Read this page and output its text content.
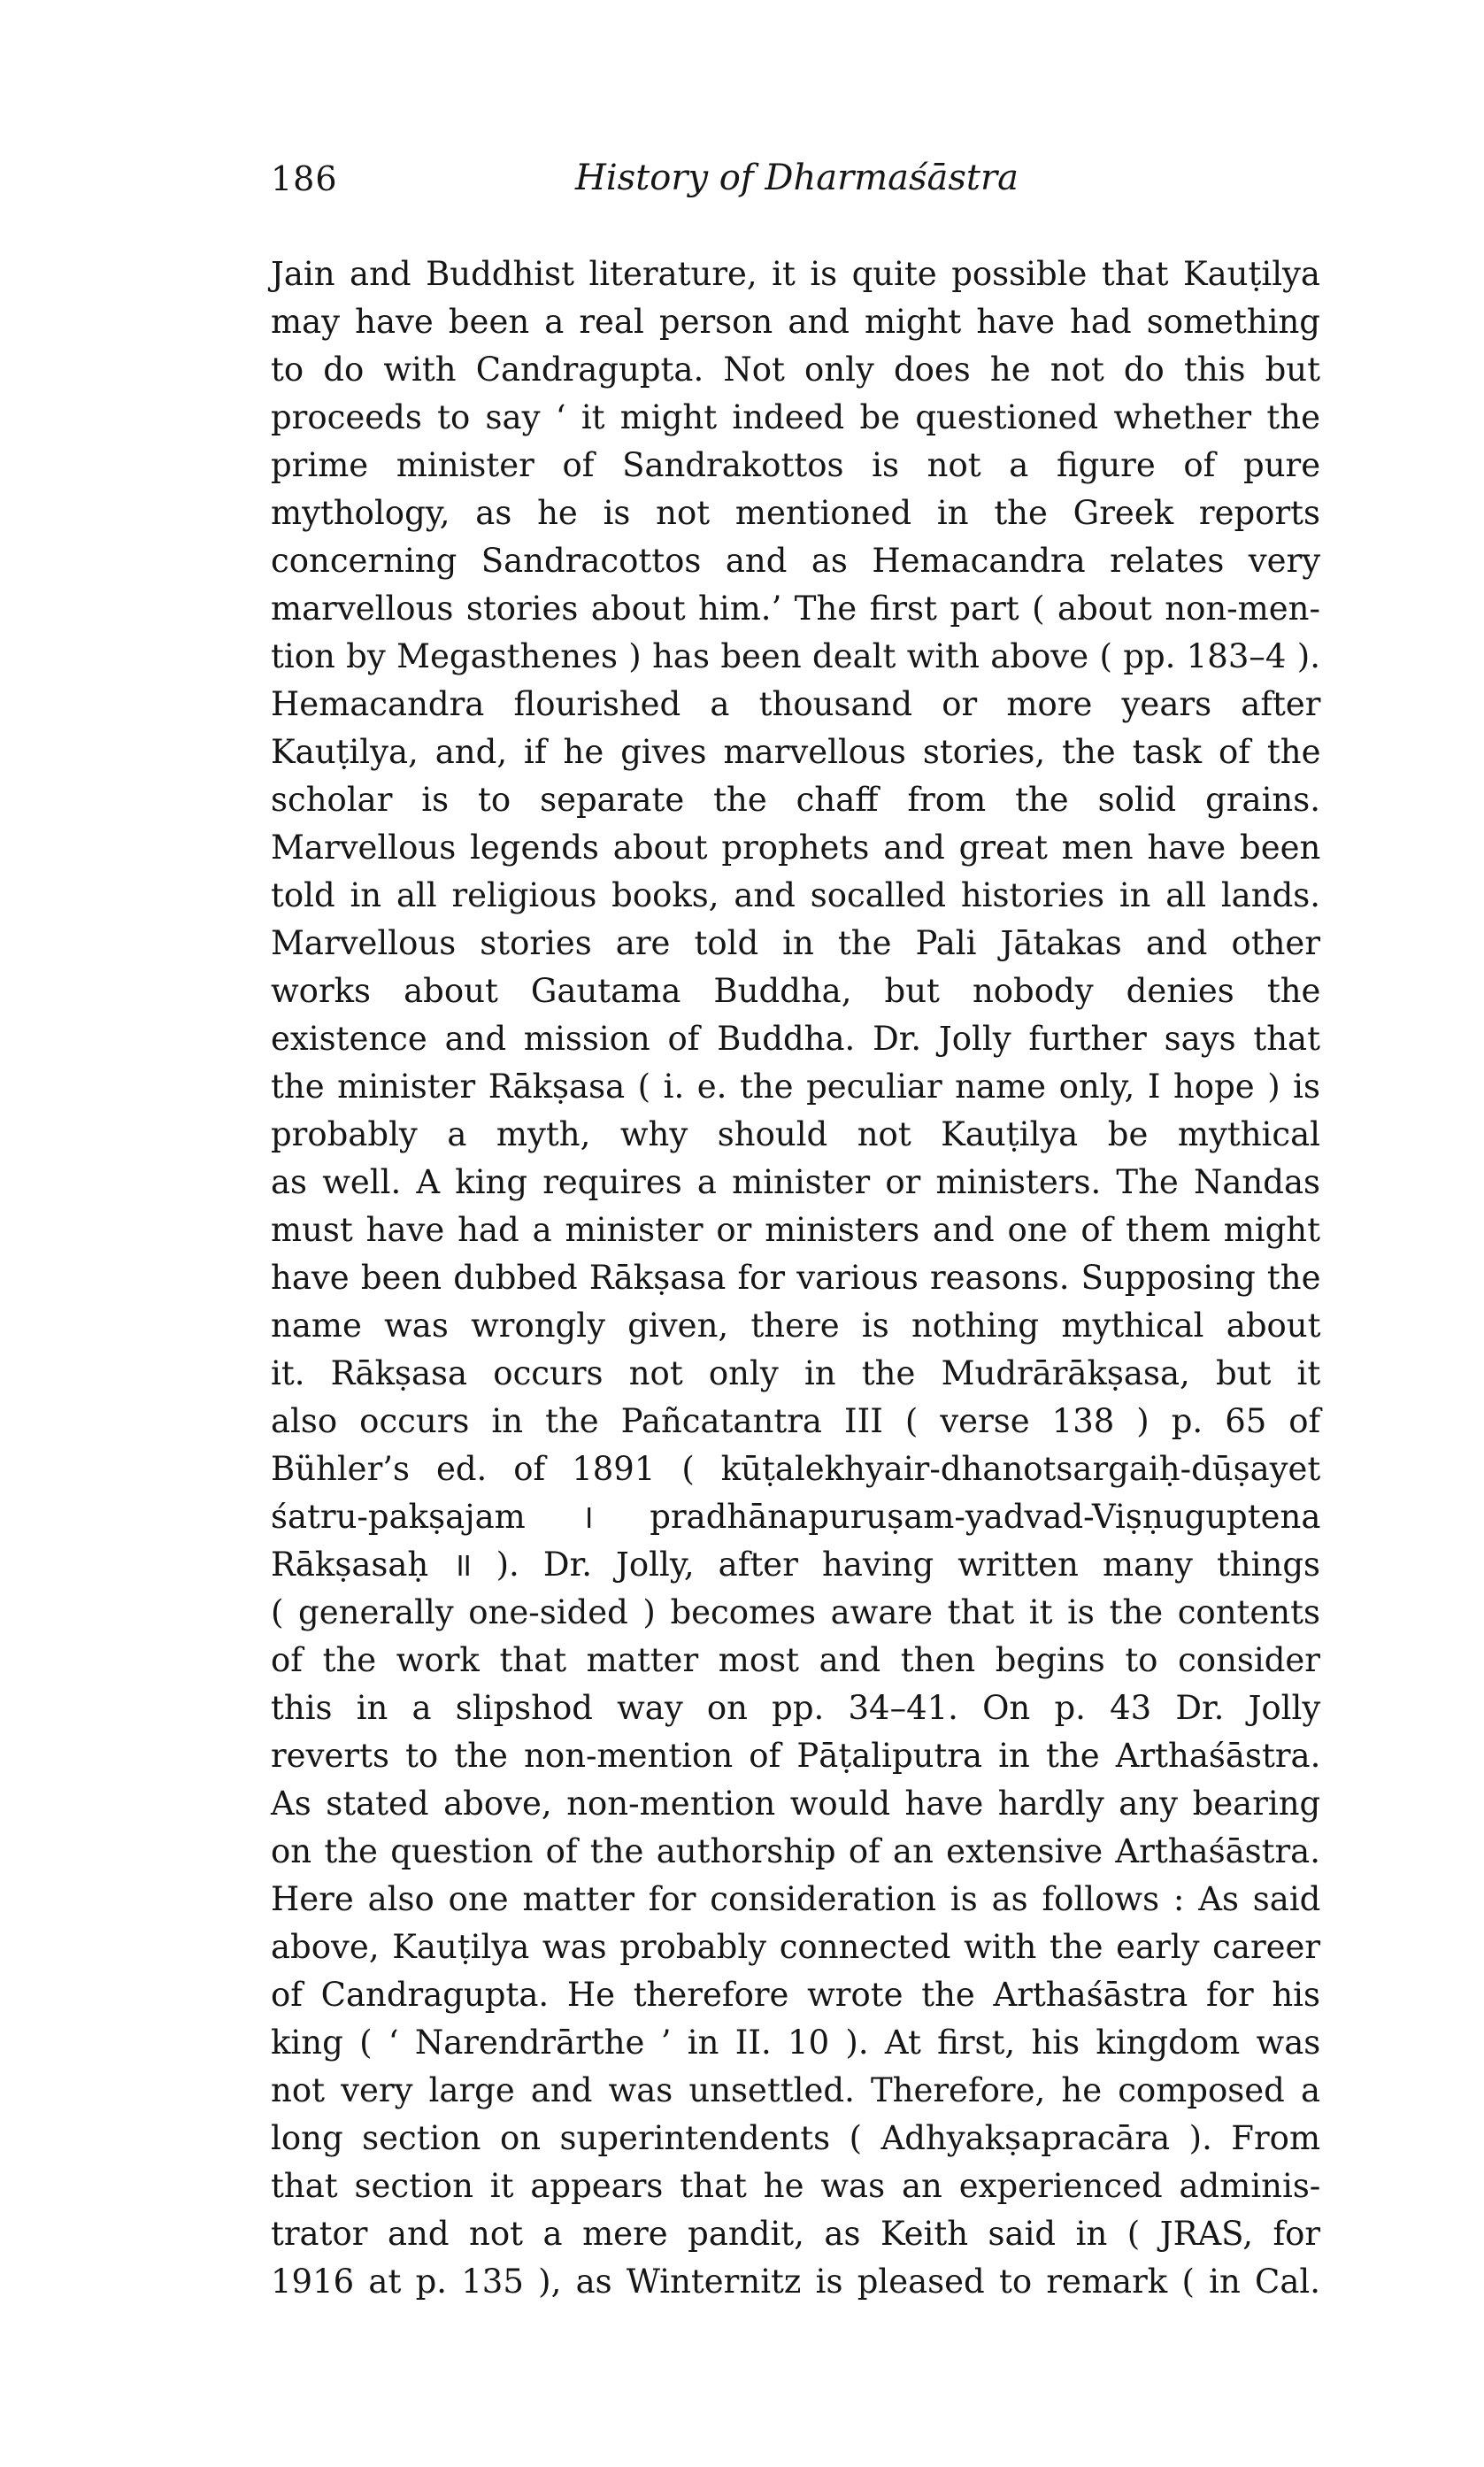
186	History of Dharmaśāstra
Jain and Buddhist literature, it is quite possible that Kauṭilya
may have been a real person and might have had something
to do with Candragupta. Not only does he not do this but
proceeds to say ‘ it might indeed be questioned whether the
prime minister of Sandrakottos is not a figure of pure
mythology, as he is not mentioned in the Greek reports
concerning Sandracottos and as Hemacandra relates very
marvellous stories about him.’ The first part ( about non-men-
tion by Megasthenes ) has been dealt with above ( pp. 183–4 ).
Hemacandra flourished a thousand or more years after
Kauṭilya, and, if he gives marvellous stories, the task of the
scholar is to separate the chaff from the solid grains.
Marvellous legends about prophets and great men have been
told in all religious books, and socalled histories in all lands.
Marvellous stories are told in the Pali Jātakas and other
works about Gautama Buddha, but nobody denies the
existence and mission of Buddha. Dr. Jolly further says that
the minister Rākṣasa ( i. e. the peculiar name only, I hope ) is
probably a myth, why should not Kauṭilya be mythical
as well. A king requires a minister or ministers. The Nandas
must have had a minister or ministers and one of them might
have been dubbed Rākṣasa for various reasons. Supposing the
name was wrongly given, there is nothing mythical about
it. Rākṣasa occurs not only in the Mudrārākṣasa, but it
also occurs in the Pañcatantra III ( verse 138 ) p. 65 of
Bühler’s ed. of 1891 ( kūṭalekhyair-dhanotsargaiḥ-dūṣayet
śatru-pakṣajam । pradhānapuruṣam-yadvad-Viṣṇuguptena
Rākṣasaḥ ॥ ). Dr. Jolly, after having written many things
( generally one-sided ) becomes aware that it is the contents
of the work that matter most and then begins to consider
this in a slipshod way on pp. 34–41. On p. 43 Dr. Jolly
reverts to the non-mention of Pāṭaliputra in the Arthaśāstra.
As stated above, non-mention would have hardly any bearing
on the question of the authorship of an extensive Arthaśāstra.
Here also one matter for consideration is as follows : As said
above, Kauṭilya was probably connected with the early career
of Candragupta. He therefore wrote the Arthaśāstra for his
king ( ‘ Narendrārthe ’ in II. 10 ). At first, his kingdom was
not very large and was unsettled. Therefore, he composed a
long section on superintendents ( Adhyakṣapracāra ). From
that section it appears that he was an experienced adminis-
trator and not a mere pandit, as Keith said in ( JRAS, for
1916 at p. 135 ), as Winternitz is pleased to remark ( in Cal.
